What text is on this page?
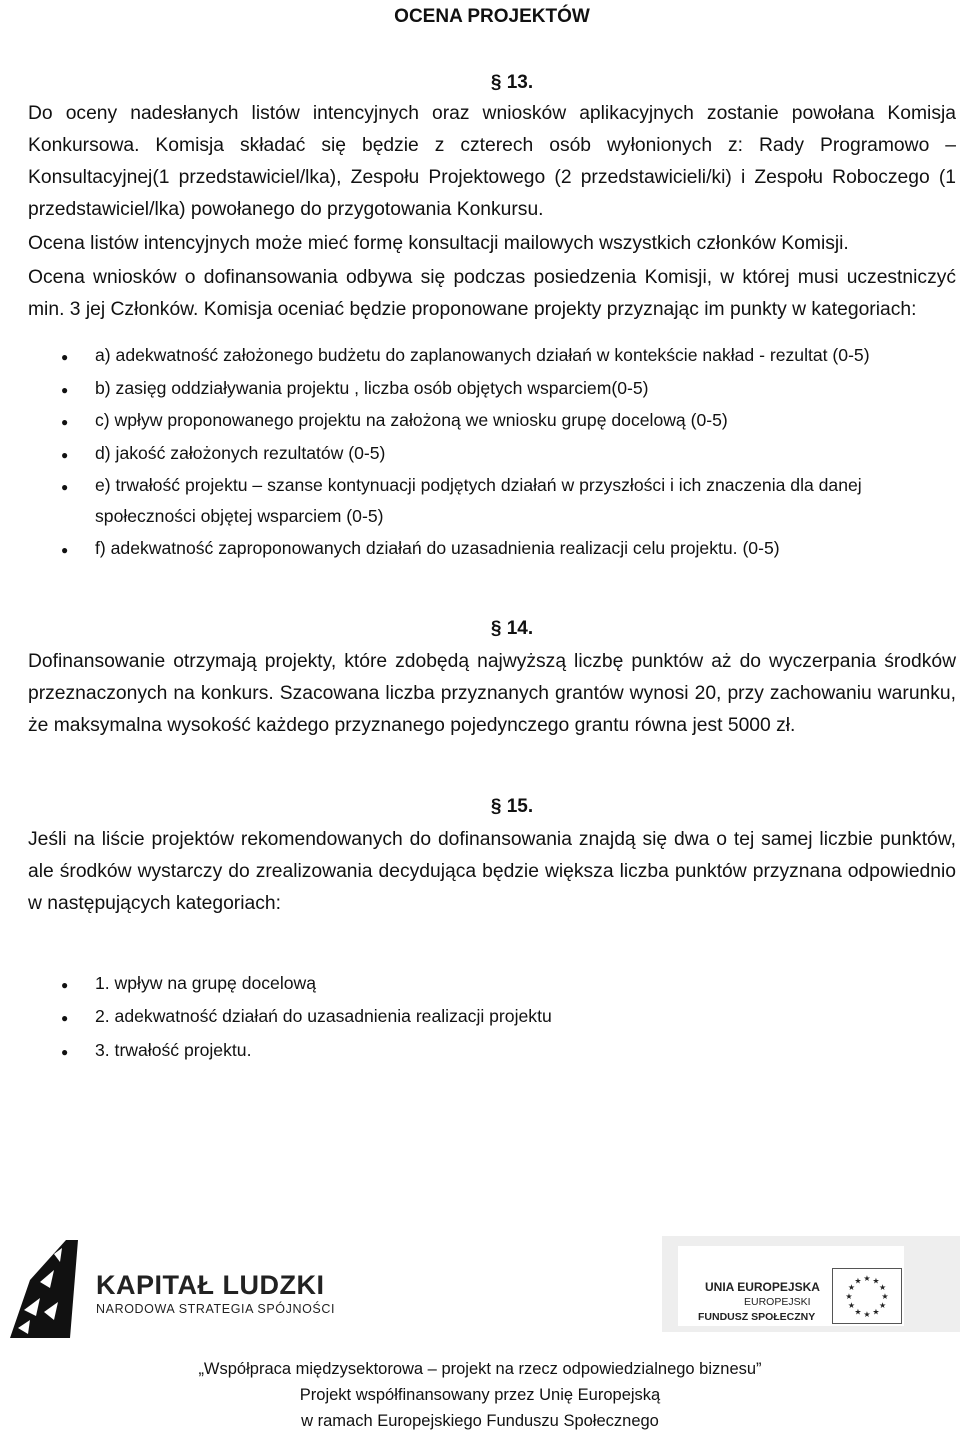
OCENA PROJEKTÓW
§ 13.

Do oceny nadesłanych listów intencyjnych oraz wniosków aplikacyjnych zostanie powołana Komisja Konkursowa. Komisja składać się będzie z czterech osób wyłonionych z: Rady Programowo – Konsultacyjnej(1 przedstawiciel/lka), Zespołu Projektowego (2 przedstawicieli/ki) i Zespołu Roboczego (1 przedstawiciel/lka) powołanego do przygotowania Konkursu.

Ocena listów intencyjnych może mieć formę konsultacji mailowych wszystkich członków Komisji.

Ocena wniosków o dofinansowania odbywa się podczas posiedzenia Komisji, w której musi uczestniczyć min. 3 jej Członków. Komisja oceniać będzie proponowane projekty przyznając im punkty w kategoriach:

●
a) adekwatność założonego budżetu do zaplanowanych działań w kontekście nakład - rezultat (0-5)
●
b) zasięg oddziaływania projektu , liczba osób objętych wsparciem(0-5)
●
c) wpływ proponowanego projektu na założoną we wniosku grupę docelową (0-5)
●
d) jakość założonych rezultatów (0-5)
●
e) trwałość projektu – szanse kontynuacji podjętych działań w przyszłości i ich znaczenia dla danej społeczności objętej wsparciem (0-5)
●
f) adekwatność zaproponowanych działań do uzasadnienia realizacji celu projektu. (0-5)
§ 14.

Dofinansowanie otrzymają projekty, które zdobędą najwyższą liczbę punktów aż do wyczerpania środków przeznaczonych na konkurs. Szacowana liczba przyznanych grantów wynosi 20, przy zachowaniu warunku, że maksymalna wysokość każdego przyznanego pojedynczego grantu równa jest 5000 zł.

§ 15.

Jeśli na liście projektów rekomendowanych do dofinansowania znajdą się dwa o tej samej liczbie punktów, ale środków wystarczy do zrealizowania decydująca będzie większa liczba punktów przyznana odpowiednio w następujących kategoriach:

●
1. wpływ na grupę docelową
●
2. adekwatność działań do uzasadnienia realizacji projektu
●
3. trwałość projektu.
KAPITAŁ LUDZKI
NARODOWA STRATEGIA SPÓJNOŚCI
UNIA EUROPEJSKA
EUROPEJSKI
FUNDUSZ SPOŁECZNY
★ ★
★
★
★
★
★
★
★
★
★
★
„Współpraca międzysektorowa – projekt na rzecz odpowiedzialnego biznesu”
Projekt współfinansowany przez Unię Europejską
w ramach Europejskiego Funduszu Społecznego
